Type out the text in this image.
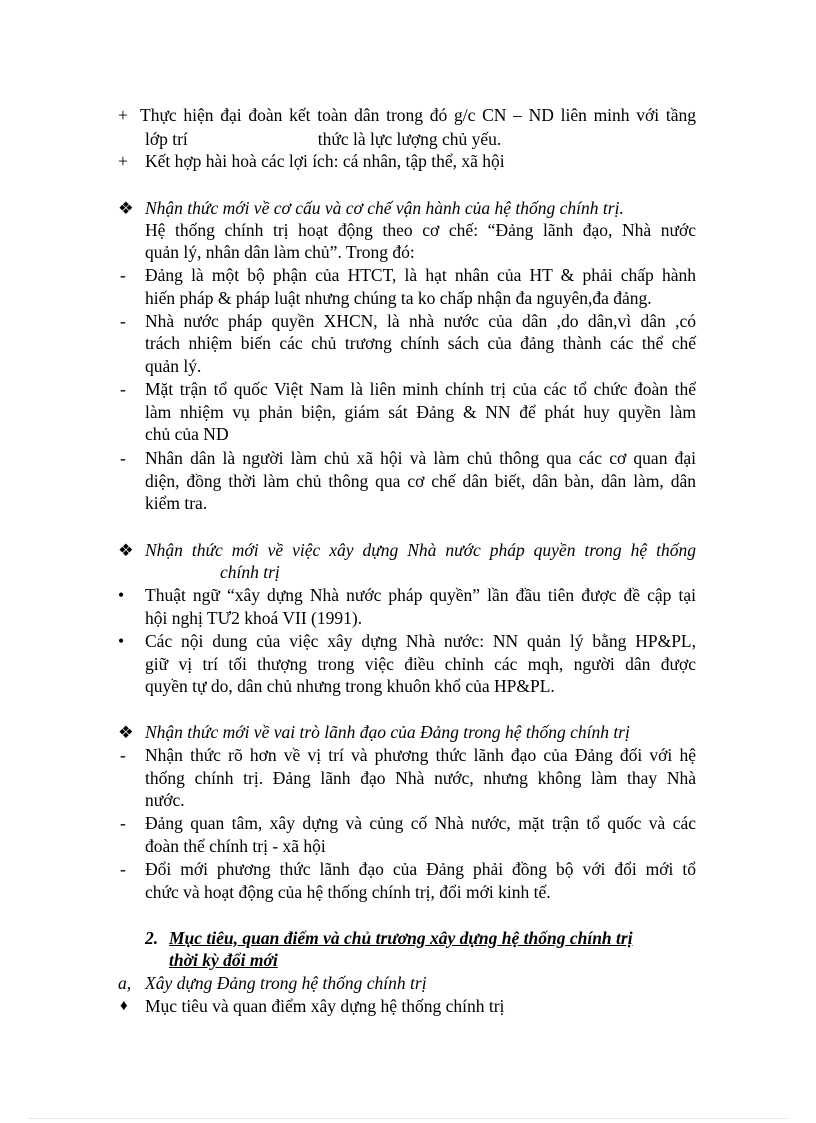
+ Thực hiện đại đoàn kết toàn dân trong đó g/c CN – ND liên minh với tầng
lớp trí	thức là lực lượng chủ yếu.
+ Kết hợp hài hoà các lợi ích: cá nhân, tập thể, xã hội
❖ Nhận thức mới về cơ cấu và cơ chế vận hành của hệ thống chính trị.
Hệ thống chính trị hoạt động theo cơ chế: “Đảng lãnh đạo, Nhà nước
quản lý, nhân dân làm chủ”. Trong đó:
- Đảng là một bộ phận của HTCT, là hạt nhân của HT & phải chấp hành
hiến pháp & pháp luật nhưng chúng ta ko chấp nhận đa nguyên,đa đảng.
- Nhà nước pháp quyền XHCN, là nhà nước của dân ,do dân,vì dân ,có
trách nhiệm biến các chủ trương chính sách của đảng thành các thể chế
quản lý.
- Mặt trận tổ quốc Việt Nam là liên minh chính trị của các tổ chức đoàn thể
làm nhiệm vụ phản biện, giám sát Đảng & NN để phát huy quyền làm
chủ của ND
- Nhân dân là người làm chủ xã hội và làm chủ thông qua các cơ quan đại
diện, đồng thời làm chủ thông qua cơ chế dân biết, dân bàn, dân làm, dân
kiểm tra.
❖ Nhận thức mới về việc xây dựng Nhà nước pháp quyền trong hệ thống
chính trị
• Thuật ngữ “xây dựng Nhà nước pháp quyền” lần đầu tiên được đề cập tại
hội nghị TƯ2 khoá VII (1991).
• Các nội dung của việc xây dựng Nhà nước: NN quản lý bằng HP&PL,
giữ vị trí tối thượng trong việc điều chỉnh các mqh, người dân được
quyền tự do, dân chủ nhưng trong khuôn khổ của HP&PL.
❖ Nhận thức mới về vai trò lãnh đạo của Đảng trong hệ thống chính trị
- Nhận thức rõ hơn về vị trí và phương thức lãnh đạo của Đảng đối với hệ
thống chính trị. Đảng lãnh đạo Nhà nước, nhưng không làm thay Nhà
nước.
- Đảng quan tâm, xây dựng và củng cố Nhà nước, mặt trận tổ quốc và các
đoàn thể chính trị - xã hội
- Đổi mới phương thức lãnh đạo của Đảng phải đồng bộ với đổi mới tổ
chức và hoạt động của hệ thống chính trị, đổi mới kinh tế.
2. Mục tiêu, quan điểm và chủ trương xây dựng hệ thống chính trị
thời kỳ đổi mới
a, Xây dựng Đảng trong hệ thống chính trị
♦ Mục tiêu và quan điểm xây dựng hệ thống chính trị
